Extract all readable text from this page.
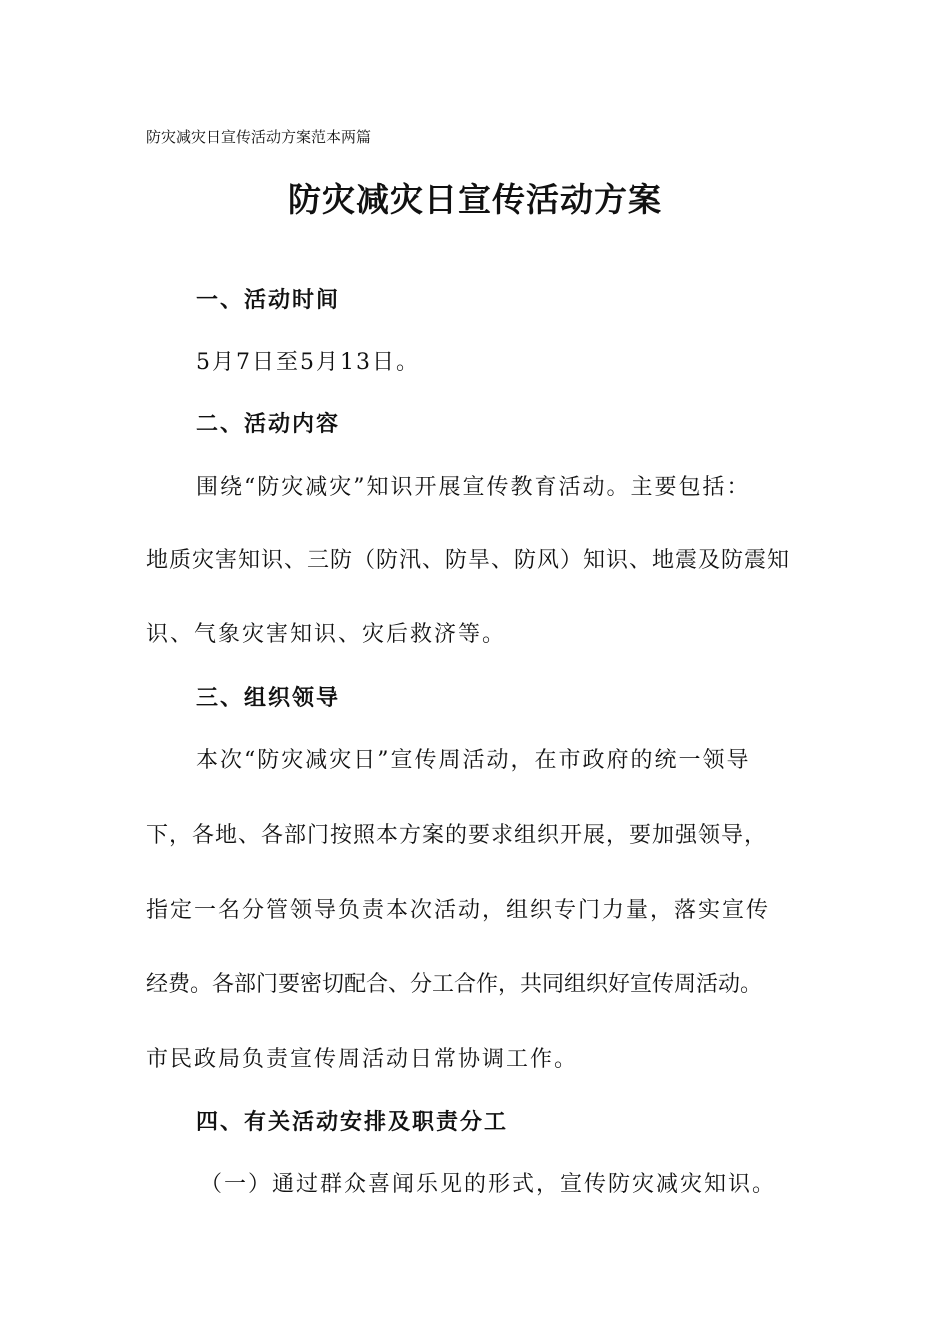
防灾减灾日宣传活动方案范本两篇
防灾减灾日宣传活动方案
一、活动时间
5月7日至5月13日。
二、活动内容
围绕“防灾减灾”知识开展宣传教育活动。主要包括：
地质灾害知识、三防（防汛、防旱、防风）知识、地震及防震知
识、气象灾害知识、灾后救济等。
三、组织领导
本次“防灾减灾日”宣传周活动，在市政府的统一领导
下，各地、各部门按照本方案的要求组织开展，要加强领导，
指定一名分管领导负责本次活动，组织专门力量，落实宣传
经费。各部门要密切配合、分工合作，共同组织好宣传周活动。
市民政局负责宣传周活动日常协调工作。
四、有关活动安排及职责分工
（一）通过群众喜闻乐见的形式，宣传防灾减灾知识。
